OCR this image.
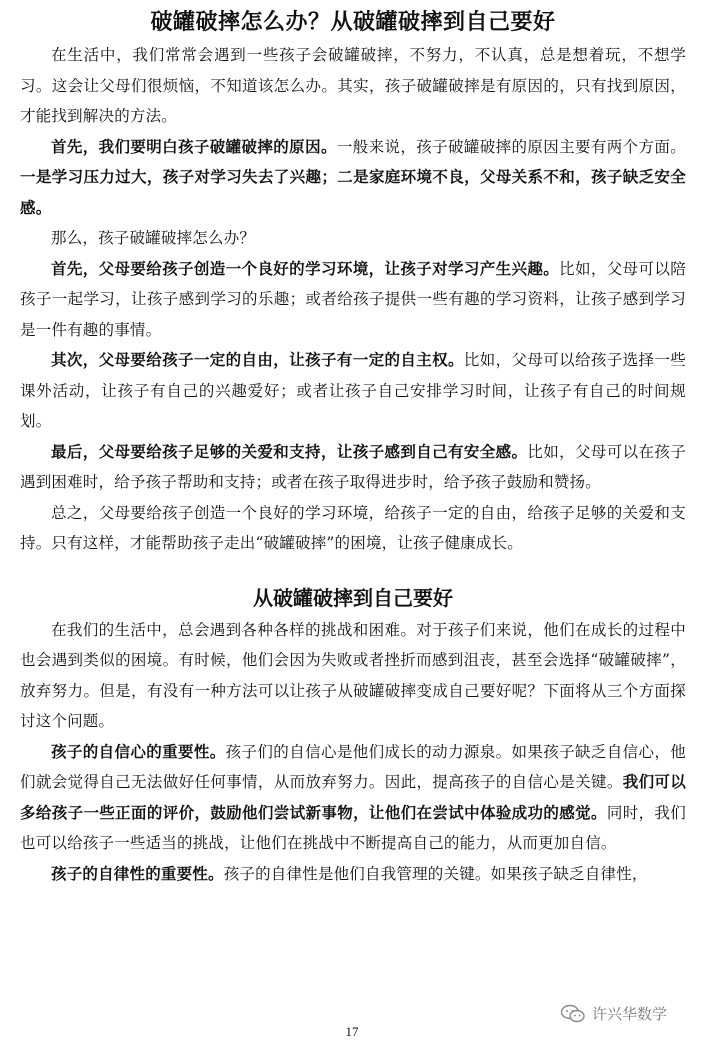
破罐破摔怎么办？从破罐破摔到自己要好

在生活中，我们常常会遇到一些孩子会破罐破摔，不努力，不认真，总是想着玩，不想学习。这会让父母们很烦恼，不知道该怎么办。其实，孩子破罐破摔是有原因的，只有找到原因，才能找到解决的方法。

首先，我们要明白孩子破罐破摔的原因。一般来说，孩子破罐破摔的原因主要有两个方面。一是学习压力过大，孩子对学习失去了兴趣；二是家庭环境不良，父母关系不和，孩子缺乏安全感。

那么，孩子破罐破摔怎么办？

首先，父母要给孩子创造一个良好的学习环境，让孩子对学习产生兴趣。比如，父母可以陪孩子一起学习，让孩子感到学习的乐趣；或者给孩子提供一些有趣的学习资料，让孩子感到学习是一件有趣的事情。

其次，父母要给孩子一定的自由，让孩子有一定的自主权。比如，父母可以给孩子选择一些课外活动，让孩子有自己的兴趣爱好；或者让孩子自己安排学习时间，让孩子有自己的时间规划。

最后，父母要给孩子足够的关爱和支持，让孩子感到自己有安全感。比如，父母可以在孩子遇到困难时，给予孩子帮助和支持；或者在孩子取得进步时，给予孩子鼓励和赞扬。

总之，父母要给孩子创造一个良好的学习环境，给孩子一定的自由，给孩子足够的关爱和支持。只有这样，才能帮助孩子走出“破罐破摔”的困境，让孩子健康成长。

从破罐破摔到自己要好

在我们的生活中，总会遇到各种各样的挑战和困难。对于孩子们来说，他们在成长的过程中也会遇到类似的困境。有时候，他们会因为失败或者挫折而感到沮丧，甚至会选择“破罐破摔”，放弃努力。但是，有没有一种方法可以让孩子从破罐破摔变成自己要好呢？下面将从三个方面探讨这个问题。

孩子的自信心的重要性。孩子们的自信心是他们成长的动力源泉。如果孩子缺乏自信心，他们就会觉得自己无法做好任何事情，从而放弃努力。因此，提高孩子的自信心是关键。我们可以多给孩子一些正面的评价，鼓励他们尝试新事物，让他们在尝试中体验成功的感觉。同时，我们也可以给孩子一些适当的挑战，让他们在挑战中不断提高自己的能力，从而更加自信。

孩子的自律性的重要性。孩子的自律性是他们自我管理的关键。如果孩子缺乏自律性，

许兴华数学
17
